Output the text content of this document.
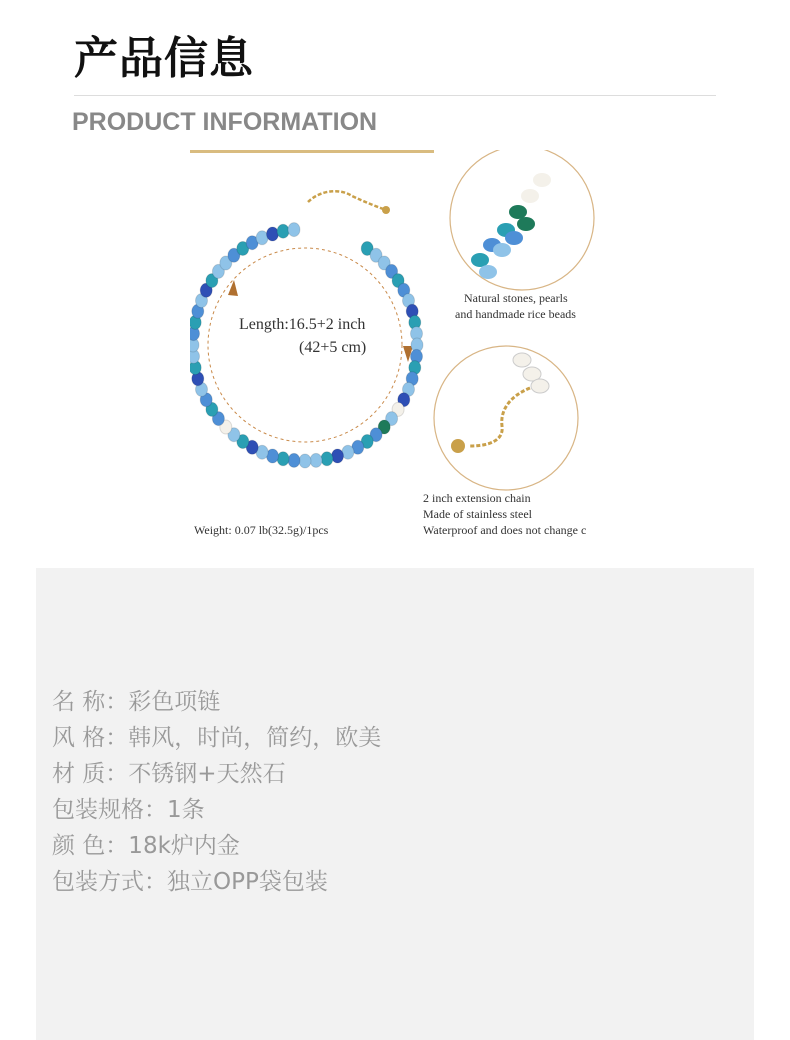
产品信息
PRODUCT INFORMATION

Length:16.5+2 inch

(42+5 cm)

Natural stones, pearls

and handmade rice beads

2 inch extension chain

Made of stainless steel

Waterproof and does not change c

Weight: 0.07 lb(32.5g)/1pcs

名 称：彩色项链
风 格：韩风，时尚，简约，欧美
材 质：不锈钢+天然石
包装规格：1条
颜 色：18k炉内金
包装方式：独立OPP袋包装
